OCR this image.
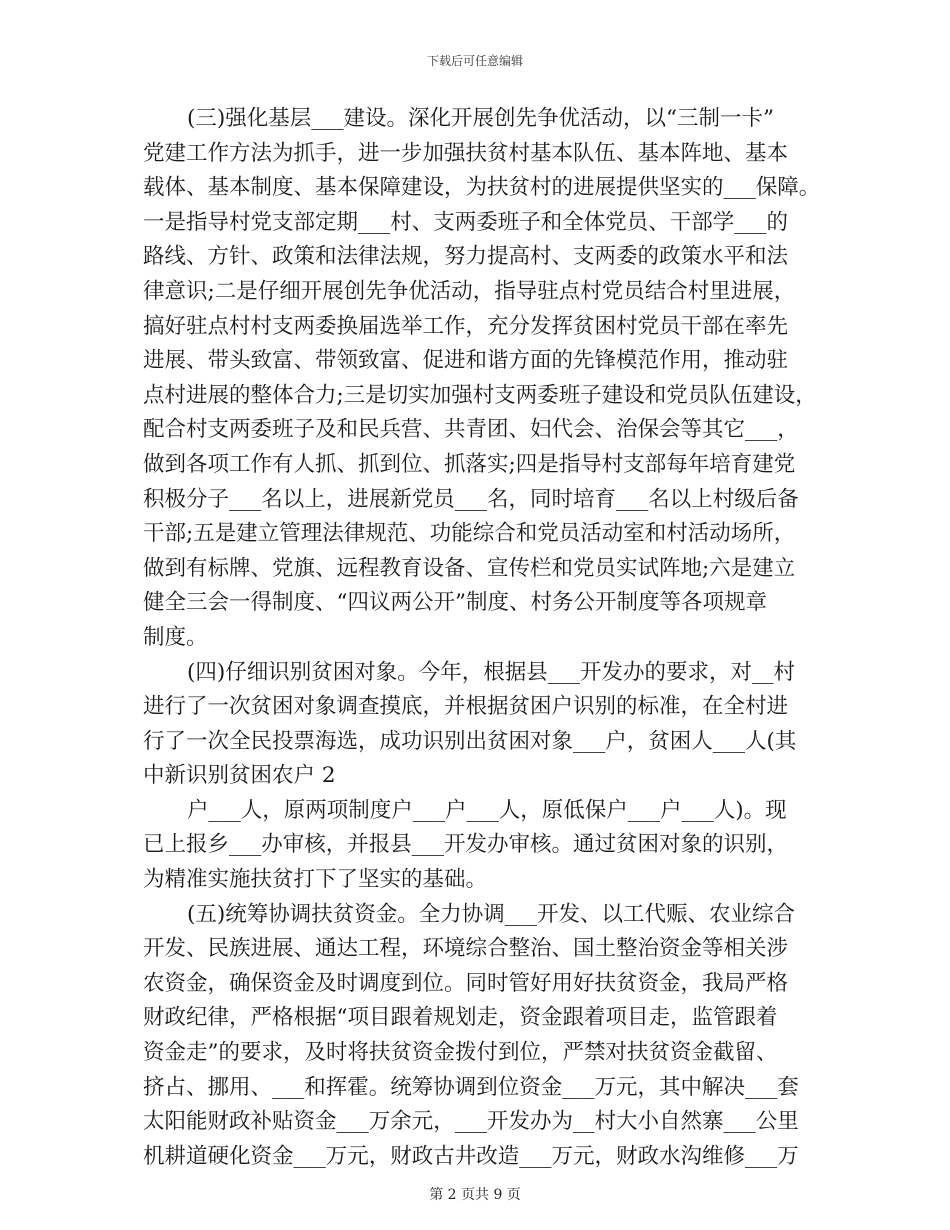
下载后可任意编辑
(三)强化基层___建设。深化开展创先争优活动，以“三制一卡”
党建工作方法为抓手，进一步加强扶贫村基本队伍、基本阵地、基本
载体、基本制度、基本保障建设，为扶贫村的进展提供坚实的___保障。
一是指导村党支部定期___村、支两委班子和全体党员、干部学___的
路线、方针、政策和法律法规，努力提高村、支两委的政策水平和法
律意识;二是仔细开展创先争优活动，指导驻点村党员结合村里进展，
搞好驻点村村支两委换届选举工作，充分发挥贫困村党员干部在率先
进展、带头致富、带领致富、促进和谐方面的先锋模范作用，推动驻
点村进展的整体合力;三是切实加强村支两委班子建设和党员队伍建设，
配合村支两委班子及和民兵营、共青团、妇代会、治保会等其它___，
做到各项工作有人抓、抓到位、抓落实;四是指导村支部每年培育建党
积极分子___名以上，进展新党员___名，同时培育___名以上村级后备
干部;五是建立管理法律规范、功能综合和党员活动室和村活动场所，
做到有标牌、党旗、远程教育设备、宣传栏和党员实试阵地;六是建立
健全三会一得制度、“四议两公开”制度、村务公开制度等各项规章
制度。
(四)仔细识别贫困对象。今年，根据县___开发办的要求，对__村
进行了一次贫困对象调查摸底，并根据贫困户识别的标准，在全村进
行了一次全民投票海选，成功识别出贫困对象___户，贫困人___人(其
中新识别贫困农户 2
户___人，原两项制度户___户___人，原低保户___户___人)。现
已上报乡___办审核，并报县___开发办审核。通过贫困对象的识别，
为精准实施扶贫打下了坚实的基础。
(五)统筹协调扶贫资金。全力协调___开发、以工代赈、农业综合
开发、民族进展、通达工程，环境综合整治、国土整治资金等相关涉
农资金，确保资金及时调度到位。同时管好用好扶贫资金，我局严格
财政纪律，严格根据“项目跟着规划走，资金跟着项目走，监管跟着
资金走”的要求，及时将扶贫资金拨付到位，严禁对扶贫资金截留、
挤占、挪用、___和挥霍。统筹协调到位资金___万元，其中解决___套
太阳能财政补贴资金___万余元，___开发办为__村大小自然寨___公里
机耕道硬化资金___万元，财政古井改造___万元，财政水沟维修___万
第 2 页共 9 页
